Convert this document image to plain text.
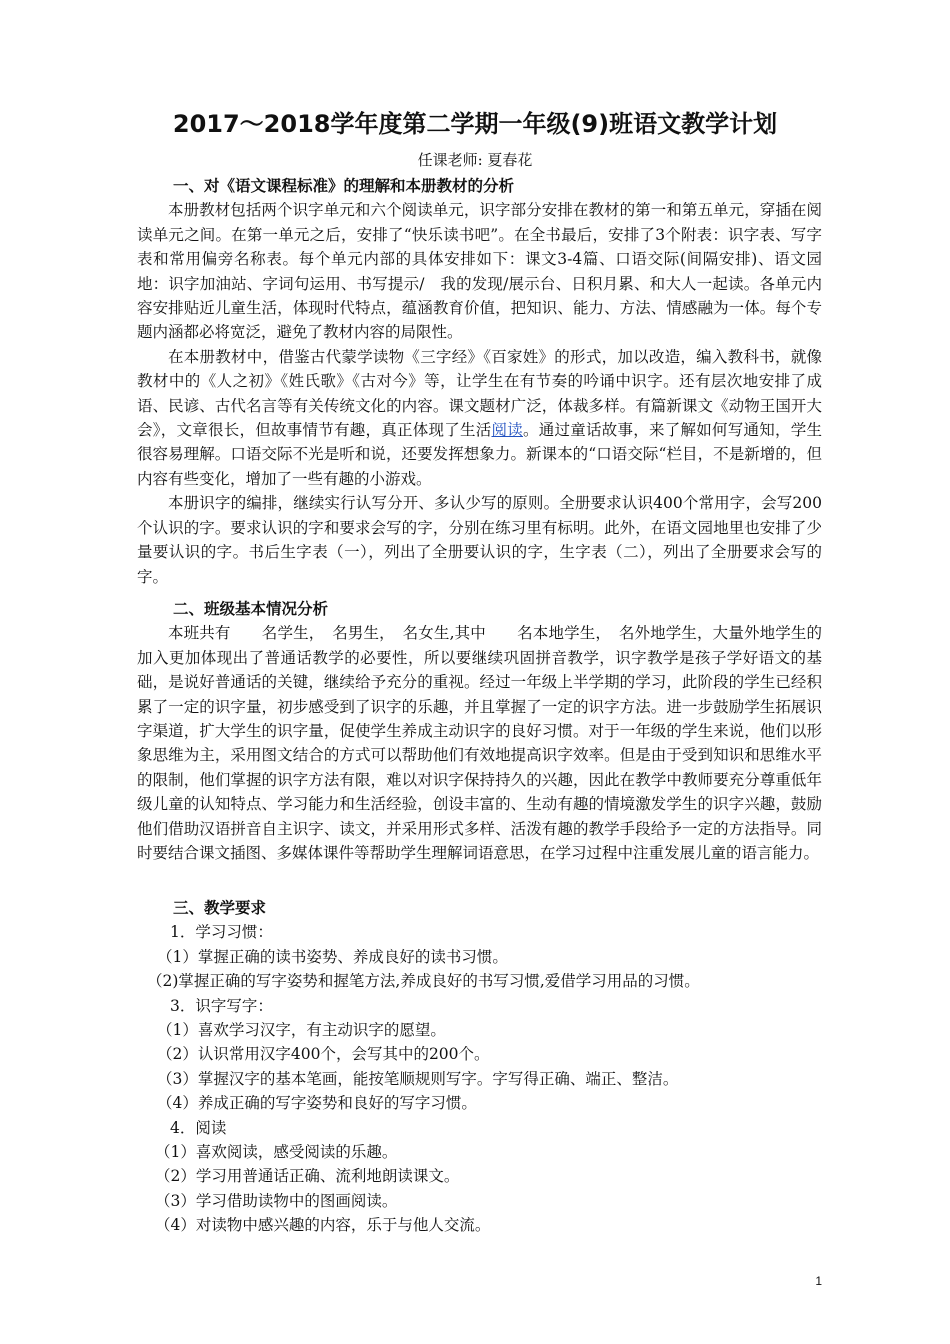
2017～2018学年度第二学期一年级(9)班语文教学计划
任课老师: 夏春花
一、对《语文课程标准》的理解和本册教材的分析

本册教材包括两个识字单元和六个阅读单元，识字部分安排在教材的第一和第五单元，穿插在阅读单元之间。在第一单元之后，安排了“快乐读书吧”。在全书最后，安排了3个附表：识字表、写字表和常用偏旁名称表。每个单元内部的具体安排如下：课文3-4篇、口语交际(间隔安排)、语文园地：识字加油站、字词句运用、书写提示/　我的发现/展示台、日积月累、和大人一起读。各单元内容安排贴近儿童生活，体现时代特点，蕴涵教育价值，把知识、能力、方法、情感融为一体。每个专题内涵都必将宽泛，避免了教材内容的局限性。

在本册教材中，借鉴古代蒙学读物《三字经》《百家姓》的形式，加以改造，编入教科书，就像教材中的《人之初》《姓氏歌》《古对今》等，让学生在有节奏的吟诵中识字。还有层次地安排了成语、民谚、古代名言等有关传统文化的内容。课文题材广泛，体裁多样。有篇新课文《动物王国开大会》，文章很长，但故事情节有趣，真正体现了生活阅读。通过童话故事，来了解如何写通知，学生很容易理解。口语交际不光是听和说，还要发挥想象力。新课本的“口语交际“栏目，不是新增的，但内容有些变化，增加了一些有趣的小游戏。

本册识字的编排，继续实行认写分开、多认少写的原则。全册要求认识400个常用字，会写200个认识的字。要求认识的字和要求会写的字，分别在练习里有标明。此外，在语文园地里也安排了少量要认识的字。书后生字表（一），列出了全册要认识的字，生字表（二），列出了全册要求会写的字。

二、班级基本情况分析

本班共有　　名学生，　名男生，　名女生,其中　　名本地学生，　名外地学生，大量外地学生的加入更加体现出了普通话教学的必要性，所以要继续巩固拼音教学，识字教学是孩子学好语文的基础，是说好普通话的关键，继续给予充分的重视。经过一年级上半学期的学习，此阶段的学生已经积累了一定的识字量，初步感受到了识字的乐趣，并且掌握了一定的识字方法。进一步鼓励学生拓展识字渠道，扩大学生的识字量，促使学生养成主动识字的良好习惯。对于一年级的学生来说，他们以形象思维为主，采用图文结合的方式可以帮助他们有效地提高识字效率。但是由于受到知识和思维水平的限制，他们掌握的识字方法有限，难以对识字保持持久的兴趣，因此在教学中教师要充分尊重低年级儿童的认知特点、学习能力和生活经验，创设丰富的、生动有趣的情境激发学生的识字兴趣，鼓励他们借助汉语拼音自主识字、读文，并采用形式多样、活泼有趣的教学手段给予一定的方法指导。同时要结合课文插图、多媒体课件等帮助学生理解词语意思，在学习过程中注重发展儿童的语言能力。

三、教学要求

1．学习习惯：

（1）掌握正确的读书姿势、养成良好的读书习惯。

（2)掌握正确的写字姿势和握笔方法,养成良好的书写习惯,爱借学习用品的习惯。

3．识字写字：

（1）喜欢学习汉字，有主动识字的愿望。

（2）认识常用汉字400个，会写其中的200个。

（3）掌握汉字的基本笔画，能按笔顺规则写字。字写得正确、端正、整洁。

（4）养成正确的写字姿势和良好的写字习惯。

4．阅读

（1）喜欢阅读，感受阅读的乐趣。

（2）学习用普通话正确、流利地朗读课文。

（3）学习借助读物中的图画阅读。

（4）对读物中感兴趣的内容，乐于与他人交流。

1
